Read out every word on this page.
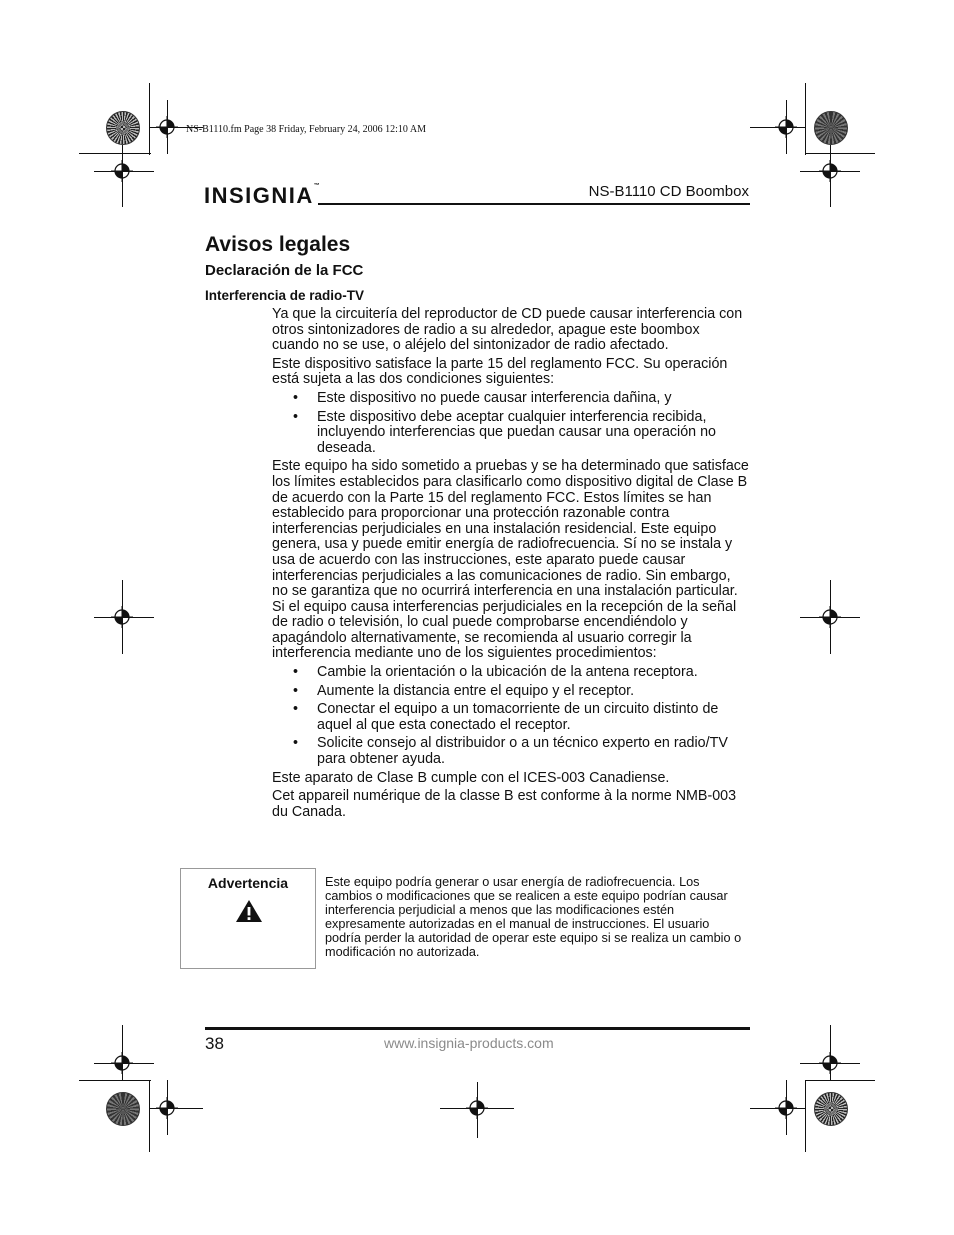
NS-B1110.fm Page 38 Friday, February 24, 2006 12:10 AM
INSIGNIA™	NS-B1110 CD Boombox
Avisos legales
Declaración de la FCC
Interferencia de radio-TV

Ya que la circuitería del reproductor de CD puede causar interferencia con otros sintonizadores de radio a su alrededor, apague este boombox cuando no se use, o aléjelo del sintonizador de radio afectado.

Este dispositivo satisface la parte 15 del reglamento FCC. Su operación está sujeta a las dos condiciones siguientes:

• Este dispositivo no puede causar interferencia dañina, y
• Este dispositivo debe aceptar cualquier interferencia recibida, incluyendo interferencias que puedan causar una operación no deseada.

Este equipo ha sido sometido a pruebas y se ha determinado que satisface los límites establecidos para clasificarlo como dispositivo digital de Clase B de acuerdo con la Parte 15 del reglamento FCC. Estos límites se han establecido para proporcionar una protección razonable contra interferencias perjudiciales en una instalación residencial. Este equipo genera, usa y puede emitir energía de radiofrecuencia. Sí no se instala y usa de acuerdo con las instrucciones, este aparato puede causar interferencias perjudiciales a las comunicaciones de radio. Sin embargo, no se garantiza que no ocurrirá interferencia en una instalación particular. Si el equipo causa interferencias perjudiciales en la recepción de la señal de radio o televisión, lo cual puede comprobarse encendiéndolo y apagándolo alternativamente, se recomienda al usuario corregir la interferencia mediante uno de los siguientes procedimientos:

• Cambie la orientación o la ubicación de la antena receptora.
• Aumente la distancia entre el equipo y el receptor.
• Conectar el equipo a un tomacorriente de un circuito distinto de aquel al que esta conectado el receptor.
• Solicite consejo al distribuidor o a un técnico experto en radio/TV para obtener ayuda.

Este aparato de Clase B cumple con el ICES-003 Canadiense.

Cet appareil numérique de la classe B est conforme à la norme NMB-003 du Canada.

Advertencia	Este equipo podría generar o usar energía de radiofrecuencia. Los cambios o modificaciones que se realicen a este equipo podrían causar interferencia perjudicial a menos que las modificaciones estén expresamente autorizadas en el manual de instrucciones. El usuario podría perder la autoridad de operar este equipo si se realiza un cambio o modificación no autorizada.
38	www.insignia-products.com
